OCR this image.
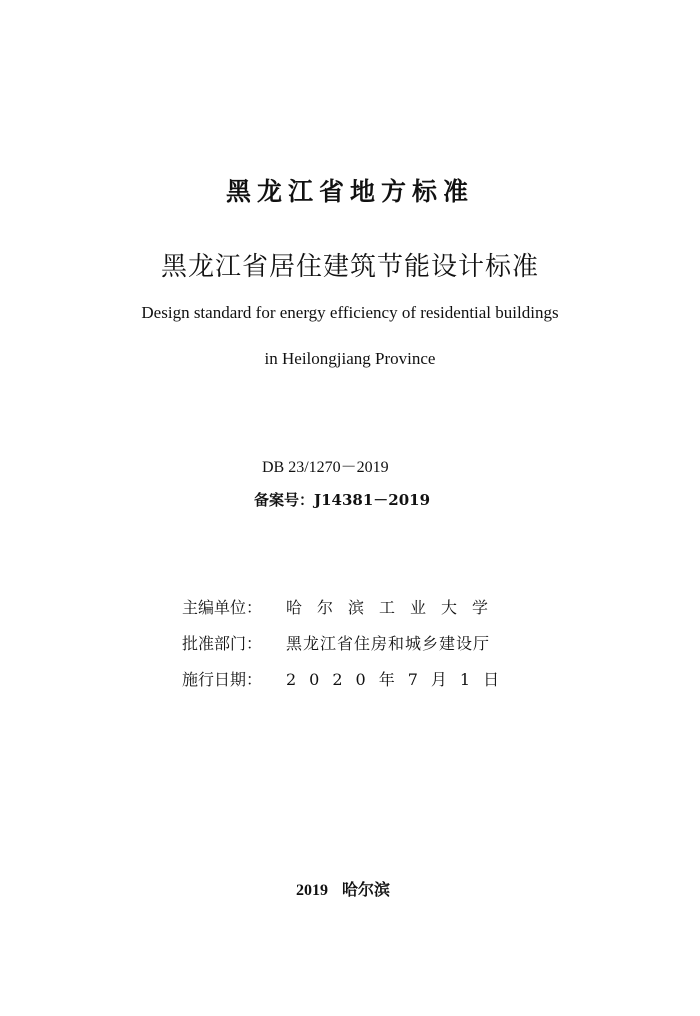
黑龙江省地方标准
黑龙江省居住建筑节能设计标准
Design standard for energy efficiency of residential buildings
in Heilongjiang Province
DB 23/1270－2019
备案号：J14381－2019
主编单位： 哈尔滨工业大学
批准部门： 黑龙江省住房和城乡建设厅
施行日期： 2020年7月1日
2019 哈尔滨
